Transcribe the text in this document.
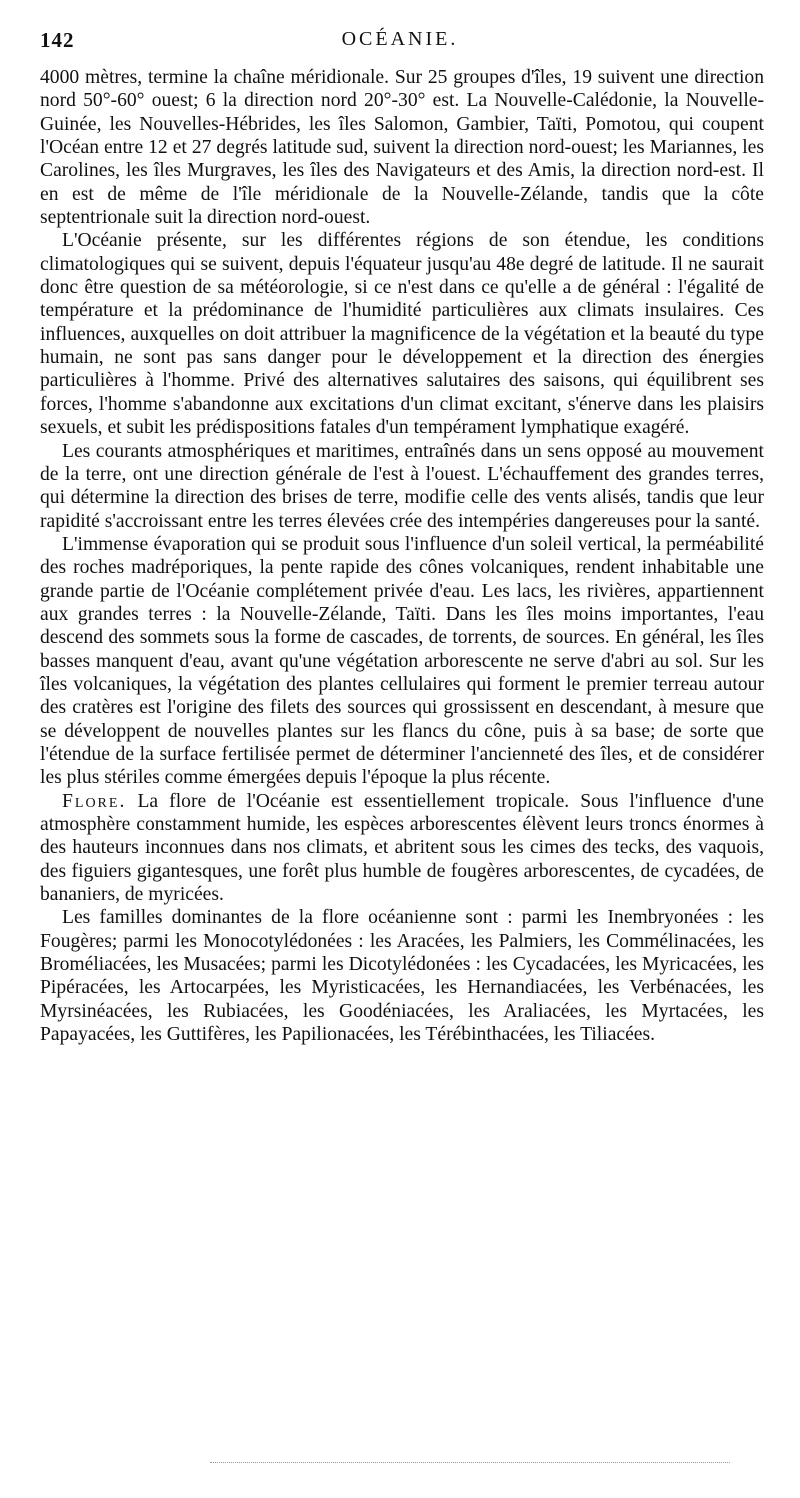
142	OCÉANIE.

4000 mètres, termine la chaîne méridionale. Sur 25 groupes d'îles, 19 suivent une direction nord 50°-60° ouest; 6 la direction nord 20°-30° est. La Nouvelle-Calédonie, la Nouvelle-Guinée, les Nouvelles-Hébrides, les îles Salomon, Gambier, Taïti, Pomotou, qui coupent l'Océan entre 12 et 27 degrés latitude sud, suivent la direction nord-ouest; les Mariannes, les Carolines, les îles Murgraves, les îles des Navigateurs et des Amis, la direction nord-est. Il en est de même de l'île méridionale de la Nouvelle-Zélande, tandis que la côte septentrionale suit la direction nord-ouest.

L'Océanie présente, sur les différentes régions de son étendue, les conditions climatologiques qui se suivent, depuis l'équateur jusqu'au 48e degré de latitude. Il ne saurait donc être question de sa météorologie, si ce n'est dans ce qu'elle a de général : l'égalité de température et la prédominance de l'humidité particulières aux climats insulaires. Ces influences, auxquelles on doit attribuer la magnificence de la végétation et la beauté du type humain, ne sont pas sans danger pour le développement et la direction des énergies particulières à l'homme. Privé des alternatives salutaires des saisons, qui équilibrent ses forces, l'homme s'abandonne aux excitations d'un climat excitant, s'énerve dans les plaisirs sexuels, et subit les prédispositions fatales d'un tempérament lymphatique exagéré.

Les courants atmosphériques et maritimes, entraînés dans un sens opposé au mouvement de la terre, ont une direction générale de l'est à l'ouest. L'échauffement des grandes terres, qui détermine la direction des brises de terre, modifie celle des vents alisés, tandis que leur rapidité s'accroissant entre les terres élevées crée des intempéries dangereuses pour la santé.

L'immense évaporation qui se produit sous l'influence d'un soleil vertical, la perméabilité des roches madréporiques, la pente rapide des cônes volcaniques, rendent inhabitable une grande partie de l'Océanie complétement privée d'eau. Les lacs, les rivières, appartiennent aux grandes terres : la Nouvelle-Zélande, Taïti. Dans les îles moins importantes, l'eau descend des sommets sous la forme de cascades, de torrents, de sources. En général, les îles basses manquent d'eau, avant qu'une végétation arborescente ne serve d'abri au sol. Sur les îles volcaniques, la végétation des plantes cellulaires qui forment le premier terreau autour des cratères est l'origine des filets des sources qui grossissent en descendant, à mesure que se développent de nouvelles plantes sur les flancs du cône, puis à sa base; de sorte que l'étendue de la surface fertilisée permet de déterminer l'ancienneté des îles, et de considérer les plus stériles comme émergées depuis l'époque la plus récente.

Flore. La flore de l'Océanie est essentiellement tropicale. Sous l'influence d'une atmosphère constamment humide, les espèces arborescentes élèvent leurs troncs énormes à des hauteurs inconnues dans nos climats, et abritent sous les cimes des tecks, des vaquois, des figuiers gigantesques, une forêt plus humble de fougères arborescentes, de cycadées, de bananiers, de myricées.

Les familles dominantes de la flore océanienne sont : parmi les Inembryonées : les Fougères; parmi les Monocotylédonées : les Aracées, les Palmiers, les Commélinacées, les Broméliacées, les Musacées; parmi les Dicotylédonées : les Cycadacées, les Myricacées, les Pipéracées, les Artocarpées, les Myristicacées, les Hernandiacées, les Verbénacées, les Myrsinéacées, les Rubiacées, les Goodéniacées, les Araliacées, les Myrtacées, les Papayacées, les Guttifères, les Papilionacées, les Térébinthacées, les Tiliacées.
